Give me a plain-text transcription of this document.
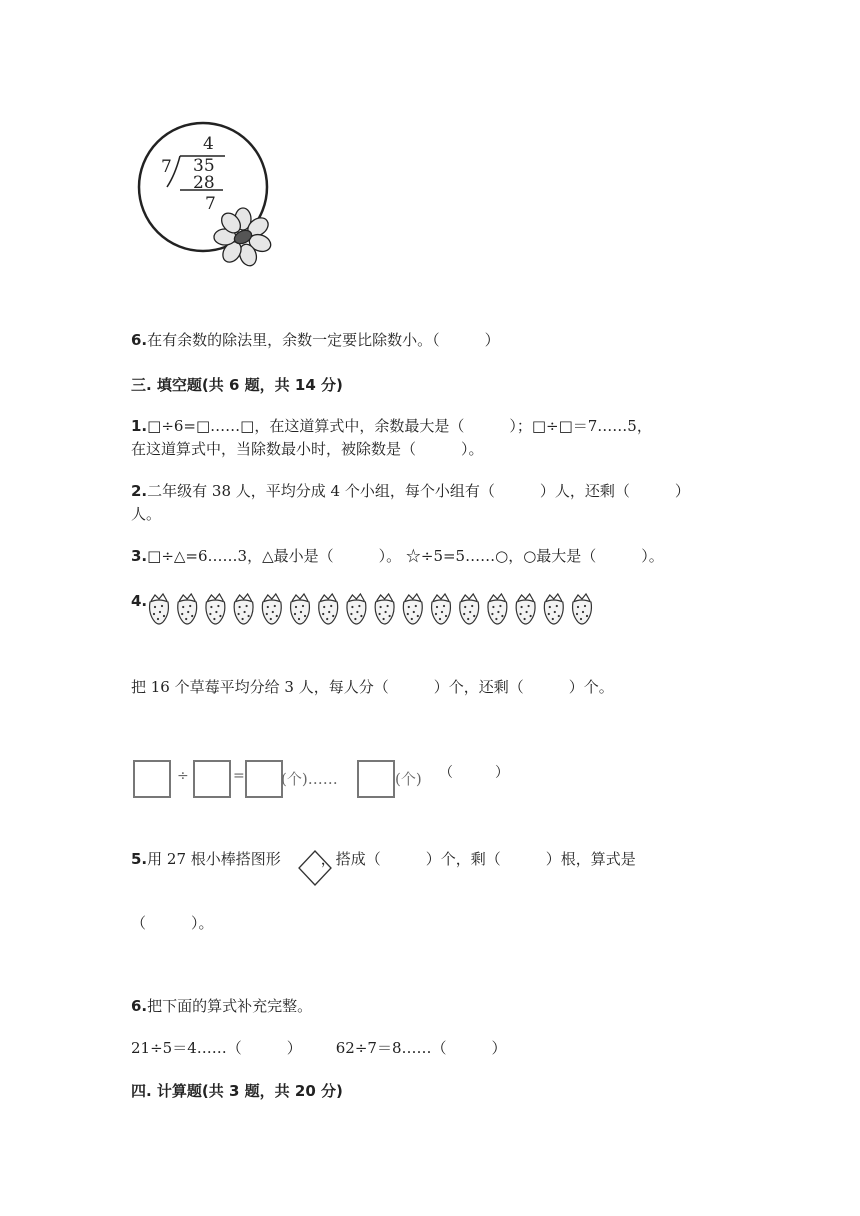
4
7 35
28
7
6.在有余数的除法里，余数一定要比除数小。（　　　）
三. 填空题(共 6 题，共 14 分)
1.□÷6=□……□，在这道算式中，余数最大是（　　　）；□÷□＝7……5，
在这道算式中，当除数最小时，被除数是（　　　）。
2.二年级有 38 人，平均分成 4 个小组，每个小组有（　　　）人，还剩（　　　）
人。
3.□÷△=6……3，△最小是（　　　）。 ☆÷5=5……○，○最大是（　　　）。
4.
把 16 个草莓平均分给 3 人，每人分（　　　）个，还剩（　　　）个。
÷	= (个)……	(个) （　　　）
5.用 27 根小棒搭图形	，搭成（　　　）个，剩（　　　）根，算式是
（　　　）。
6.把下面的算式补充完整。
21÷5＝4……（　　　） 62÷7＝8……（　　　）
四. 计算题(共 3 题，共 20 分)
